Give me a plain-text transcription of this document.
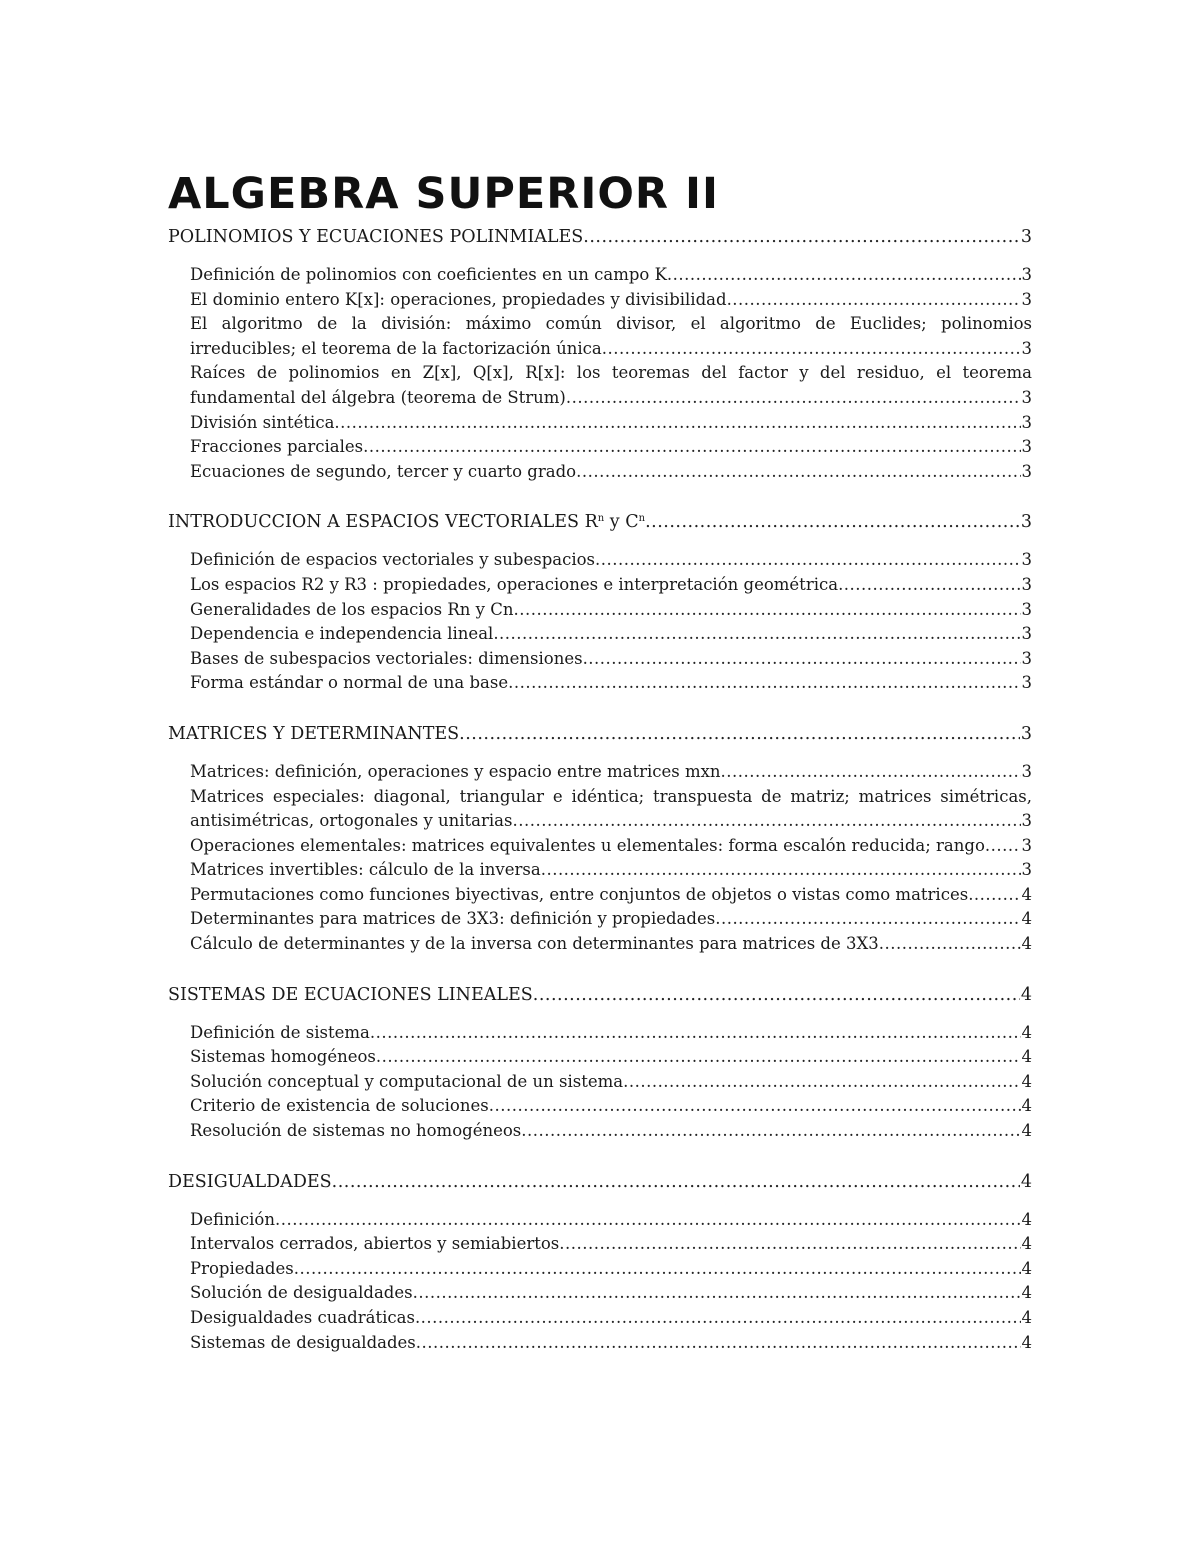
ALGEBRA SUPERIOR II
POLINOMIOS Y ECUACIONES POLINMIALES .....	3
Definición de polinomios con coeficientes en un campo K .....	3
El dominio entero K[x]: operaciones, propiedades y divisibilidad .....	3
El algoritmo de la división: máximo común divisor, el algoritmo de Euclides; polinomios
irreducibles; el teorema de la factorización única .....	3
Raíces de polinomios en Z[x], Q[x], R[x]: los teoremas del factor y del residuo, el teorema
fundamental del álgebra (teorema de Strum) .....	3
División sintética .....	3
Fracciones parciales .....	3
Ecuaciones de segundo, tercer y cuarto grado .....	3
INTRODUCCION A ESPACIOS VECTORIALES $R^n$ y $C^n$ .....	3
Definición de espacios vectoriales y subespacios .....	3
Los espacios R2 y R3 : propiedades, operaciones e interpretación geométrica .....	3
Generalidades de los espacios Rn y Cn .....	3
Dependencia e independencia lineal .....	3
Bases de subespacios vectoriales: dimensiones .....	3
Forma estándar o normal de una base .....	3
MATRICES Y DETERMINANTES .....	3
Matrices: definición, operaciones y espacio entre matrices mxn .....	3
Matrices especiales: diagonal, triangular e idéntica; transpuesta de matriz; matrices simétricas,
antisimétricas, ortogonales y unitarias .....	3
Operaciones elementales: matrices equivalentes u elementales: forma escalón reducida; rango ..... 3
Matrices invertibles: cálculo de la inversa .....	3
Permutaciones como funciones biyectivas, entre conjuntos de objetos o vistas como matrices .....	4
Determinantes para matrices de 3X3: definición y propiedades .....	4
Cálculo de determinantes y de la inversa con determinantes para matrices de 3X3 .....	4
SISTEMAS DE ECUACIONES LINEALES .....	4
Definición de sistema .....	4
Sistemas homogéneos .....	4
Solución conceptual y computacional de un sistema .....	4
Criterio de existencia de soluciones .....	4
Resolución de sistemas no homogéneos .....	4
DESIGUALDADES .....	4
Definición .....	4
Intervalos cerrados, abiertos y semiabiertos .....	4
Propiedades .....	4
Solución de desigualdades .....	4
Desigualdades cuadráticas .....	4
Sistemas de desigualdades .....	4
